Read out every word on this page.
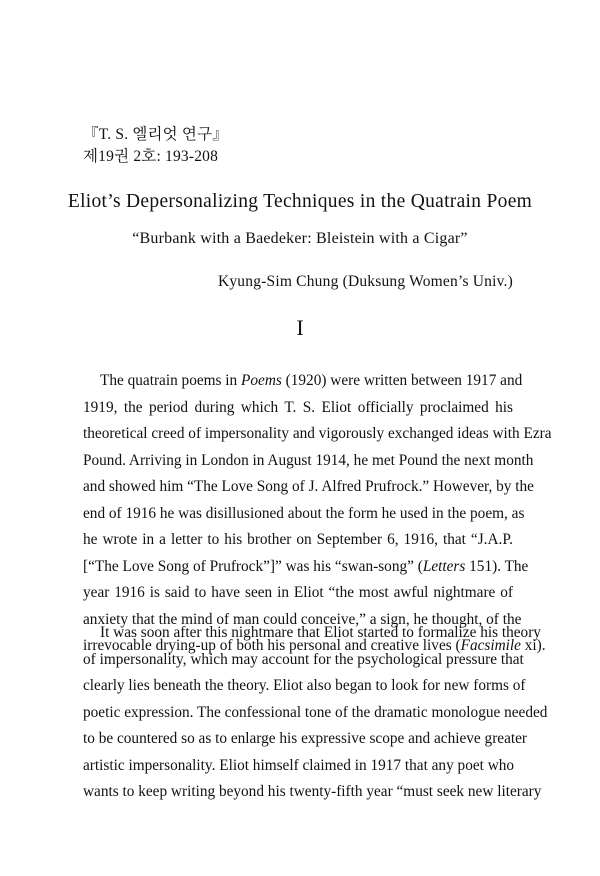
『T. S. 엘리엇 연구』
제19권 2호: 193-208
Eliot’s Depersonalizing Techniques in the Quatrain Poem
“Burbank with a Baedeker: Bleistein with a Cigar”
Kyung-Sim Chung (Duksung Women’s Univ.)
I
The quatrain poems in Poems (1920) were written between 1917 and
1919, the period during which T. S. Eliot officially proclaimed his
theoretical creed of impersonality and vigorously exchanged ideas with Ezra
Pound. Arriving in London in August 1914, he met Pound the next month
and showed him “The Love Song of J. Alfred Prufrock.” However, by the
end of 1916 he was disillusioned about the form he used in the poem, as
he wrote in a letter to his brother on September 6, 1916, that “J.A.P.
[“The Love Song of Prufrock”]” was his “swan-song” (Letters 151). The
year 1916 is said to have seen in Eliot “the most awful nightmare of
anxiety that the mind of man could conceive,” a sign, he thought, of the
irrevocable drying-up of both his personal and creative lives (Facsimile xi).
It was soon after this nightmare that Eliot started to formalize his theory
of impersonality, which may account for the psychological pressure that
clearly lies beneath the theory. Eliot also began to look for new forms of
poetic expression. The confessional tone of the dramatic monologue needed
to be countered so as to enlarge his expressive scope and achieve greater
artistic impersonality. Eliot himself claimed in 1917 that any poet who
wants to keep writing beyond his twenty-fifth year “must seek new literary
